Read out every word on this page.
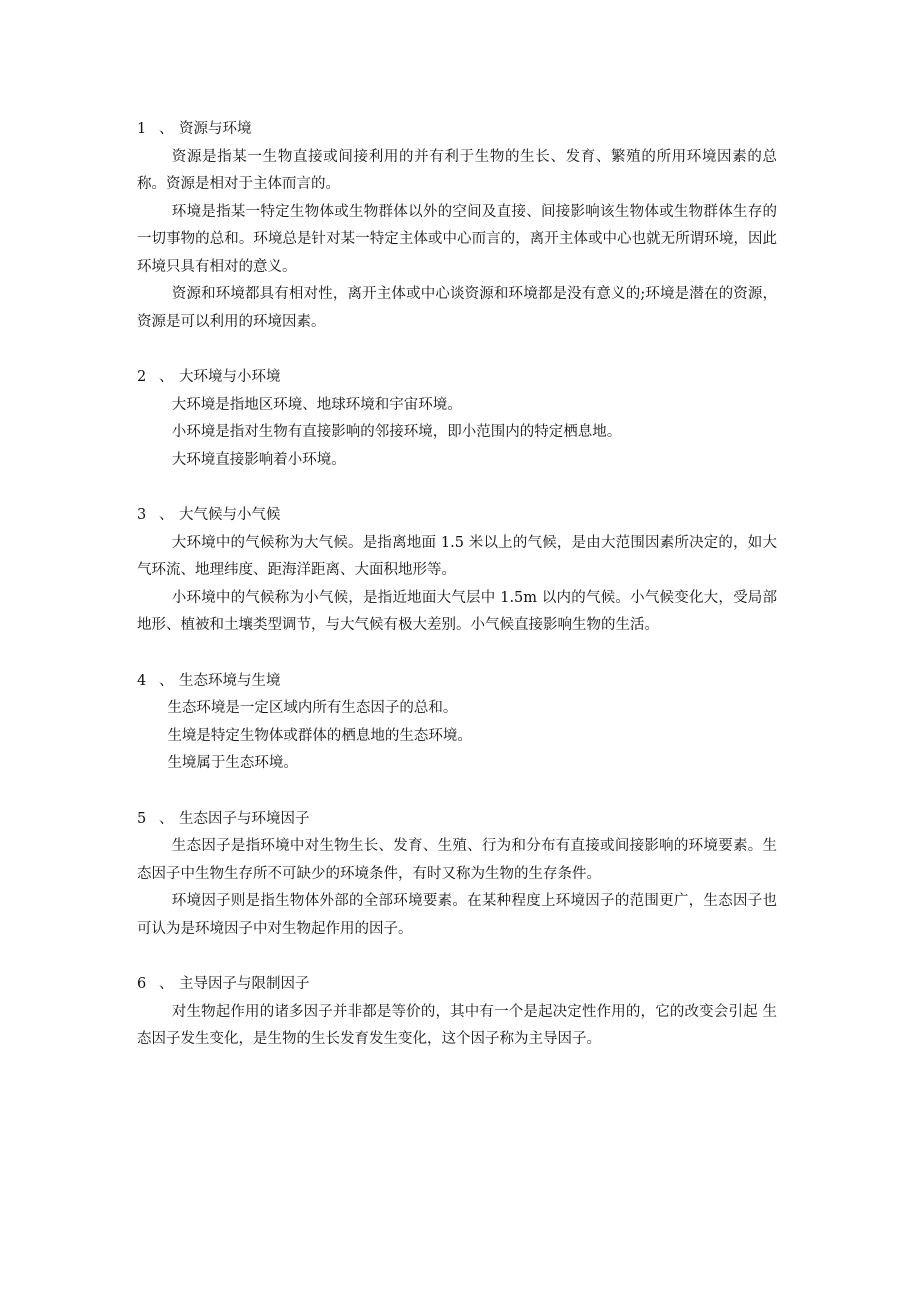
1 、 资源与环境
资源是指某一生物直接或间接利用的并有利于生物的生长、发育、繁殖的所用环境因素的总称。资源是相对于主体而言的。
环境是指某一特定生物体或生物群体以外的空间及直接、间接影响该生物体或生物群体生存的一切事物的总和。环境总是针对某一特定主体或中心而言的，离开主体或中心也就无所谓环境，因此环境只具有相对的意义。
资源和环境都具有相对性，离开主体或中心谈资源和环境都是没有意义的;环境是潜在的资源，资源是可以利用的环境因素。
2 、 大环境与小环境
大环境是指地区环境、地球环境和宇宙环境。
小环境是指对生物有直接影响的邻接环境，即小范围内的特定栖息地。
大环境直接影响着小环境。
3 、 大气候与小气候
大环境中的气候称为大气候。是指离地面 1.5 米以上的气候，是由大范围因素所决定的，如大气环流、地理纬度、距海洋距离、大面积地形等。
小环境中的气候称为小气候，是指近地面大气层中 1.5m 以内的气候。小气候变化大，受局部地形、植被和土壤类型调节，与大气候有极大差别。小气候直接影响生物的生活。
4 、 生态环境与生境
生态环境是一定区域内所有生态因子的总和。
生境是特定生物体或群体的栖息地的生态环境。
生境属于生态环境。
5 、 生态因子与环境因子
生态因子是指环境中对生物生长、发育、生殖、行为和分布有直接或间接影响的环境要素。生态因子中生物生存所不可缺少的环境条件，有时又称为生物的生存条件。
环境因子则是指生物体外部的全部环境要素。在某种程度上环境因子的范围更广，生态因子也可认为是环境因子中对生物起作用的因子。
6 、 主导因子与限制因子
对生物起作用的诸多因子并非都是等价的，其中有一个是起决定性作用的，它的改变会引起 生态因子发生变化，是生物的生长发育发生变化，这个因子称为主导因子。
